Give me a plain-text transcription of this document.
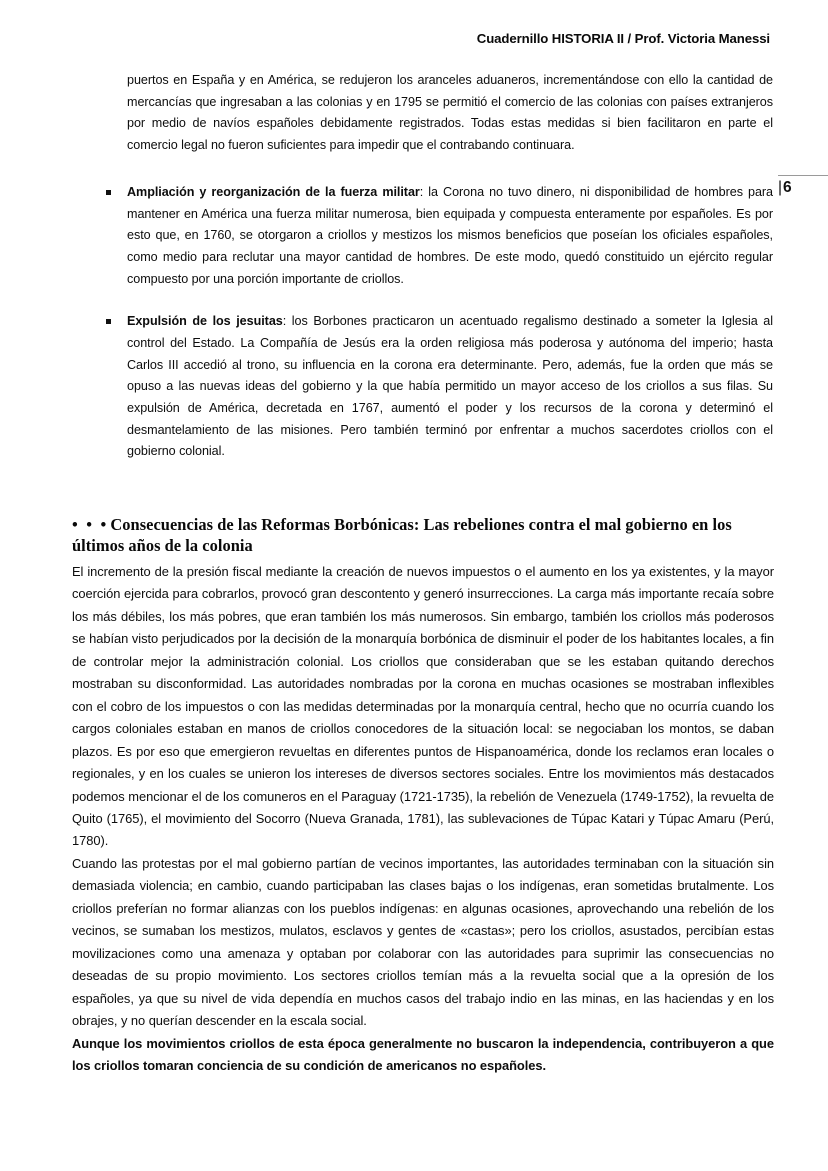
Cuadernillo HISTORIA II / Prof. Victoria Manessi
|6

puertos en España y en América, se redujeron los aranceles aduaneros, incrementándose con ello la cantidad de mercancías que ingresaban a las colonias y en 1795 se permitió el comercio de las colonias con países extranjeros por medio de navíos españoles debidamente registrados. Todas estas medidas si bien facilitaron en parte el comercio legal no fueron suficientes para impedir que el contrabando continuara.

Ampliación y reorganización de la fuerza militar: la Corona no tuvo dinero, ni disponibilidad de hombres para mantener en América una fuerza militar numerosa, bien equipada y compuesta enteramente por españoles. Es por esto que, en 1760, se otorgaron a criollos y mestizos los mismos beneficios que poseían los oficiales españoles, como medio para reclutar una mayor cantidad de hombres. De este modo, quedó constituido un ejército regular compuesto por una porción importante de criollos.

Expulsión de los jesuitas: los Borbones practicaron un acentuado regalismo destinado a someter la Iglesia al control del Estado. La Compañía de Jesús era la orden religiosa más poderosa y autónoma del imperio; hasta Carlos III accedió al trono, su influencia en la corona era determinante. Pero, además, fue la orden que más se opuso a las nuevas ideas del gobierno y la que había permitido un mayor acceso de los criollos a sus filas. Su expulsión de América, decretada en 1767, aumentó el poder y los recursos de la corona y determinó el desmantelamiento de las misiones. Pero también terminó por enfrentar a muchos sacerdotes criollos con el gobierno colonial.

• • • Consecuencias de las Reformas Borbónicas: Las rebeliones contra el mal gobierno en los últimos años de la colonia

El incremento de la presión fiscal mediante la creación de nuevos impuestos o el aumento en los ya existentes, y la mayor coerción ejercida para cobrarlos, provocó gran descontento y generó insurrecciones. La carga más importante recaía sobre los más débiles, los más pobres, que eran también los más numerosos. Sin embargo, también los criollos más poderosos se habían visto perjudicados por la decisión de la monarquía borbónica de disminuir el poder de los habitantes locales, a fin de controlar mejor la administración colonial. Los criollos que consideraban que se les estaban quitando derechos mostraban su disconformidad. Las autoridades nombradas por la corona en muchas ocasiones se mostraban inflexibles con el cobro de los impuestos o con las medidas determinadas por la monarquía central, hecho que no ocurría cuando los cargos coloniales estaban en manos de criollos conocedores de la situación local: se negociaban los montos, se daban plazos. Es por eso que emergieron revueltas en diferentes puntos de Hispanoamérica, donde los reclamos eran locales o regionales, y en los cuales se unieron los intereses de diversos sectores sociales. Entre los movimientos más destacados podemos mencionar el de los comuneros en el Paraguay (1721-1735), la rebelión de Venezuela (1749-1752), la revuelta de Quito (1765), el movimiento del Socorro (Nueva Granada, 1781), las sublevaciones de Túpac Katari y Túpac Amaru (Perú, 1780).

Cuando las protestas por el mal gobierno partían de vecinos importantes, las autoridades terminaban con la situación sin demasiada violencia; en cambio, cuando participaban las clases bajas o los indígenas, eran sometidas brutalmente. Los criollos preferían no formar alianzas con los pueblos indígenas: en algunas ocasiones, aprovechando una rebelión de los vecinos, se sumaban los mestizos, mulatos, esclavos y gentes de «castas»; pero los criollos, asustados, percibían estas movilizaciones como una amenaza y optaban por colaborar con las autoridades para suprimir las consecuencias no deseadas de su propio movimiento. Los sectores criollos temían más a la revuelta social que a la opresión de los españoles, ya que su nivel de vida dependía en muchos casos del trabajo indio en las minas, en las haciendas y en los obrajes, y no querían descender en la escala social.

Aunque los movimientos criollos de esta época generalmente no buscaron la independencia, contribuyeron a que los criollos tomaran conciencia de su condición de americanos no españoles.
